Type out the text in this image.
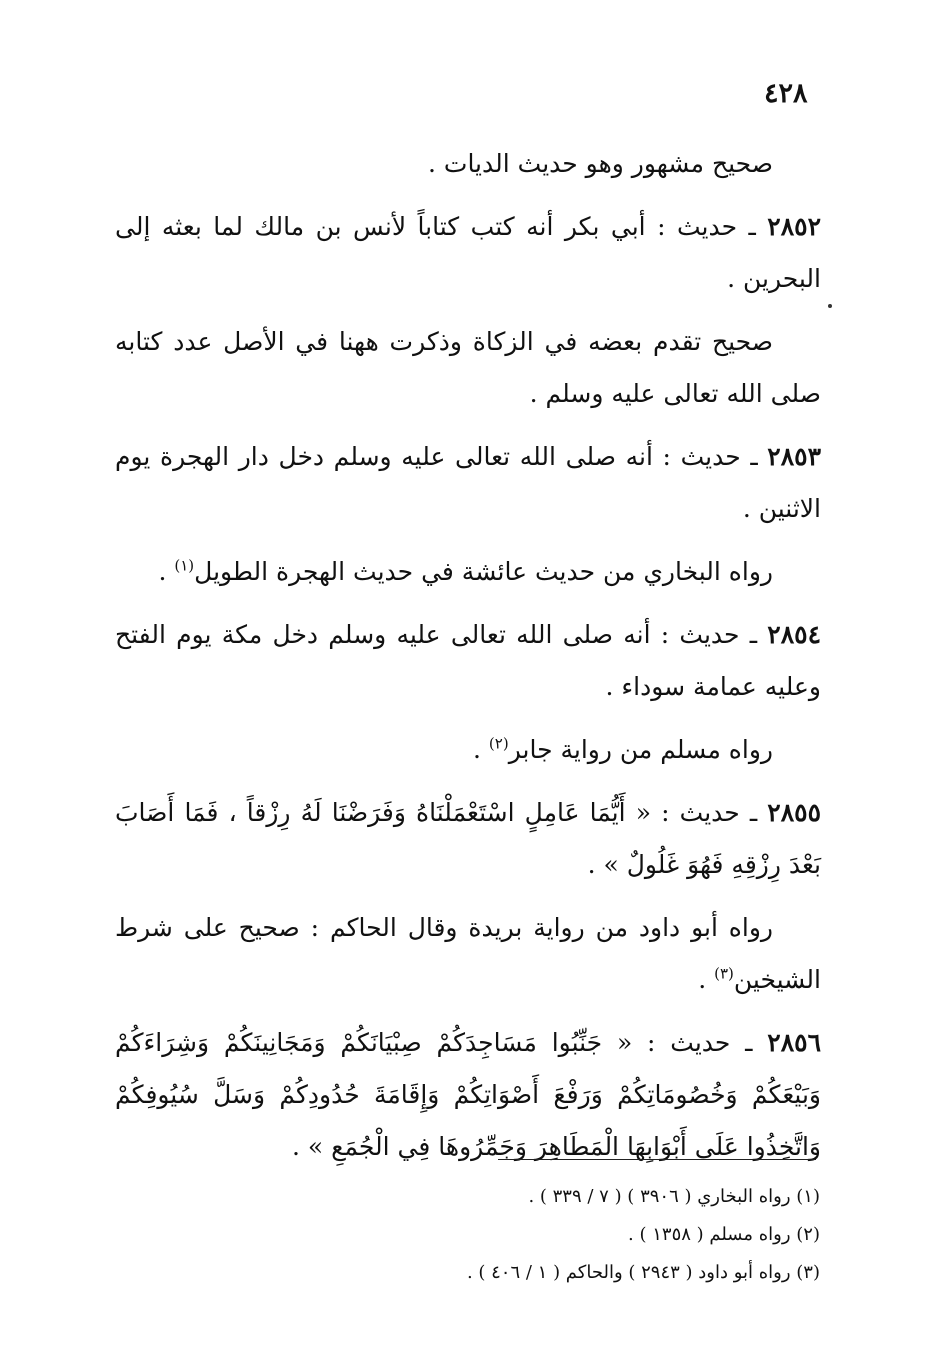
٤٢٨

صحيح مشهور وهو حديث الديات .

٢٨٥٢ ـ حديث : أبي بكر أنه كتب كتاباً لأنس بن مالك لما بعثه إلى البحرين .

صحيح تقدم بعضه في الزكاة وذكرت ههنا في الأصل عدد كتابه صلى الله تعالى عليه وسلم .

٢٨٥٣ ـ حديث : أنه صلى الله تعالى عليه وسلم دخل دار الهجرة يوم الاثنين .

رواه البخاري من حديث عائشة في حديث الهجرة الطويل$^{(١)}$ .

٢٨٥٤ ـ حديث : أنه صلى الله تعالى عليه وسلم دخل مكة يوم الفتح وعليه عمامة سوداء .

رواه مسلم من رواية جابر$^{(٢)}$ .

٢٨٥٥ ـ حديث : « أَيُّمَا عَامِلٍ اسْتَعْمَلْنَاهُ وَفَرَضْنَا لَهُ رِزْقاً ، فَمَا أَصَابَ بَعْدَ رِزْقِهِ فَهُوَ غَلُولٌ » .

رواه أبو داود من رواية بريدة وقال الحاكم : صحيح على شرط الشيخين$^{(٣)}$ .

٢٨٥٦ ـ حديث : « جَنِّبُوا مَسَاجِدَكُمْ صِبْيَانَكُمْ وَمَجَانِينَكُمْ وَشِرَاءَكُمْ وَبَيْعَكُمْ وَخُصُومَاتِكُمْ وَرَفْعَ أَصْوَاتِكُمْ وَإِقَامَةَ حُدُودِكُمْ وَسَلَّ سُيُوفِكُمْ وَاتَّخِذُوا عَلَى أَبْوَابِهَا الْمَطَاهِرَ وَجَمِّرُوهَا فِي الْجُمَعِ » .

(١) رواه البخاري ( ٣٩٠٦ ) ( ٧ / ٣٣٩ ) .

(٢) رواه مسلم ( ١٣٥٨ ) .

(٣) رواه أبو داود ( ٢٩٤٣ ) والحاكم ( ١ / ٤٠٦ ) .
